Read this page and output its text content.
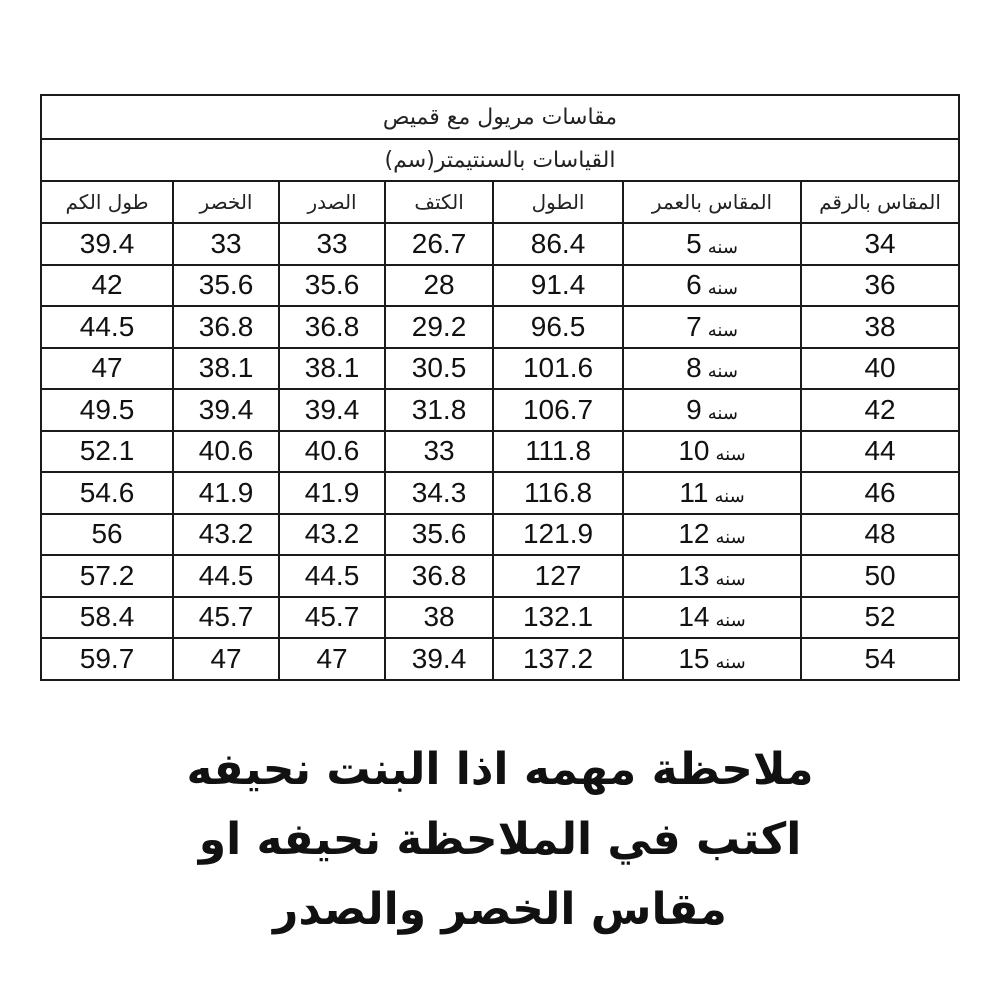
مقاسات مريول مع قميص						
القياسات بالسنتيمتر(سم)						
المقاس بالرقم	المقاس بالعمر	الطول	الكتف	الصدر	الخصر	طول الكم
34	سنه5	86.4	26.7	33	33	39.4
36	سنه6	91.4	28	35.6	35.6	42
38	سنه7	96.5	29.2	36.8	36.8	44.5
40	سنه8	101.6	30.5	38.1	38.1	47
42	سنه9	106.7	31.8	39.4	39.4	49.5
44	سنه10	111.8	33	40.6	40.6	52.1
46	سنه11	116.8	34.3	41.9	41.9	54.6
48	سنه12	121.9	35.6	43.2	43.2	56
50	سنه13	127	36.8	44.5	44.5	57.2
52	سنه14	132.1	38	45.7	45.7	58.4
54	سنه15	137.2	39.4	47	47	59.7
ملاحظة مهمه اذا البنت نحيفه
اكتب في الملاحظة نحيفه او
مقاس الخصر والصدر
